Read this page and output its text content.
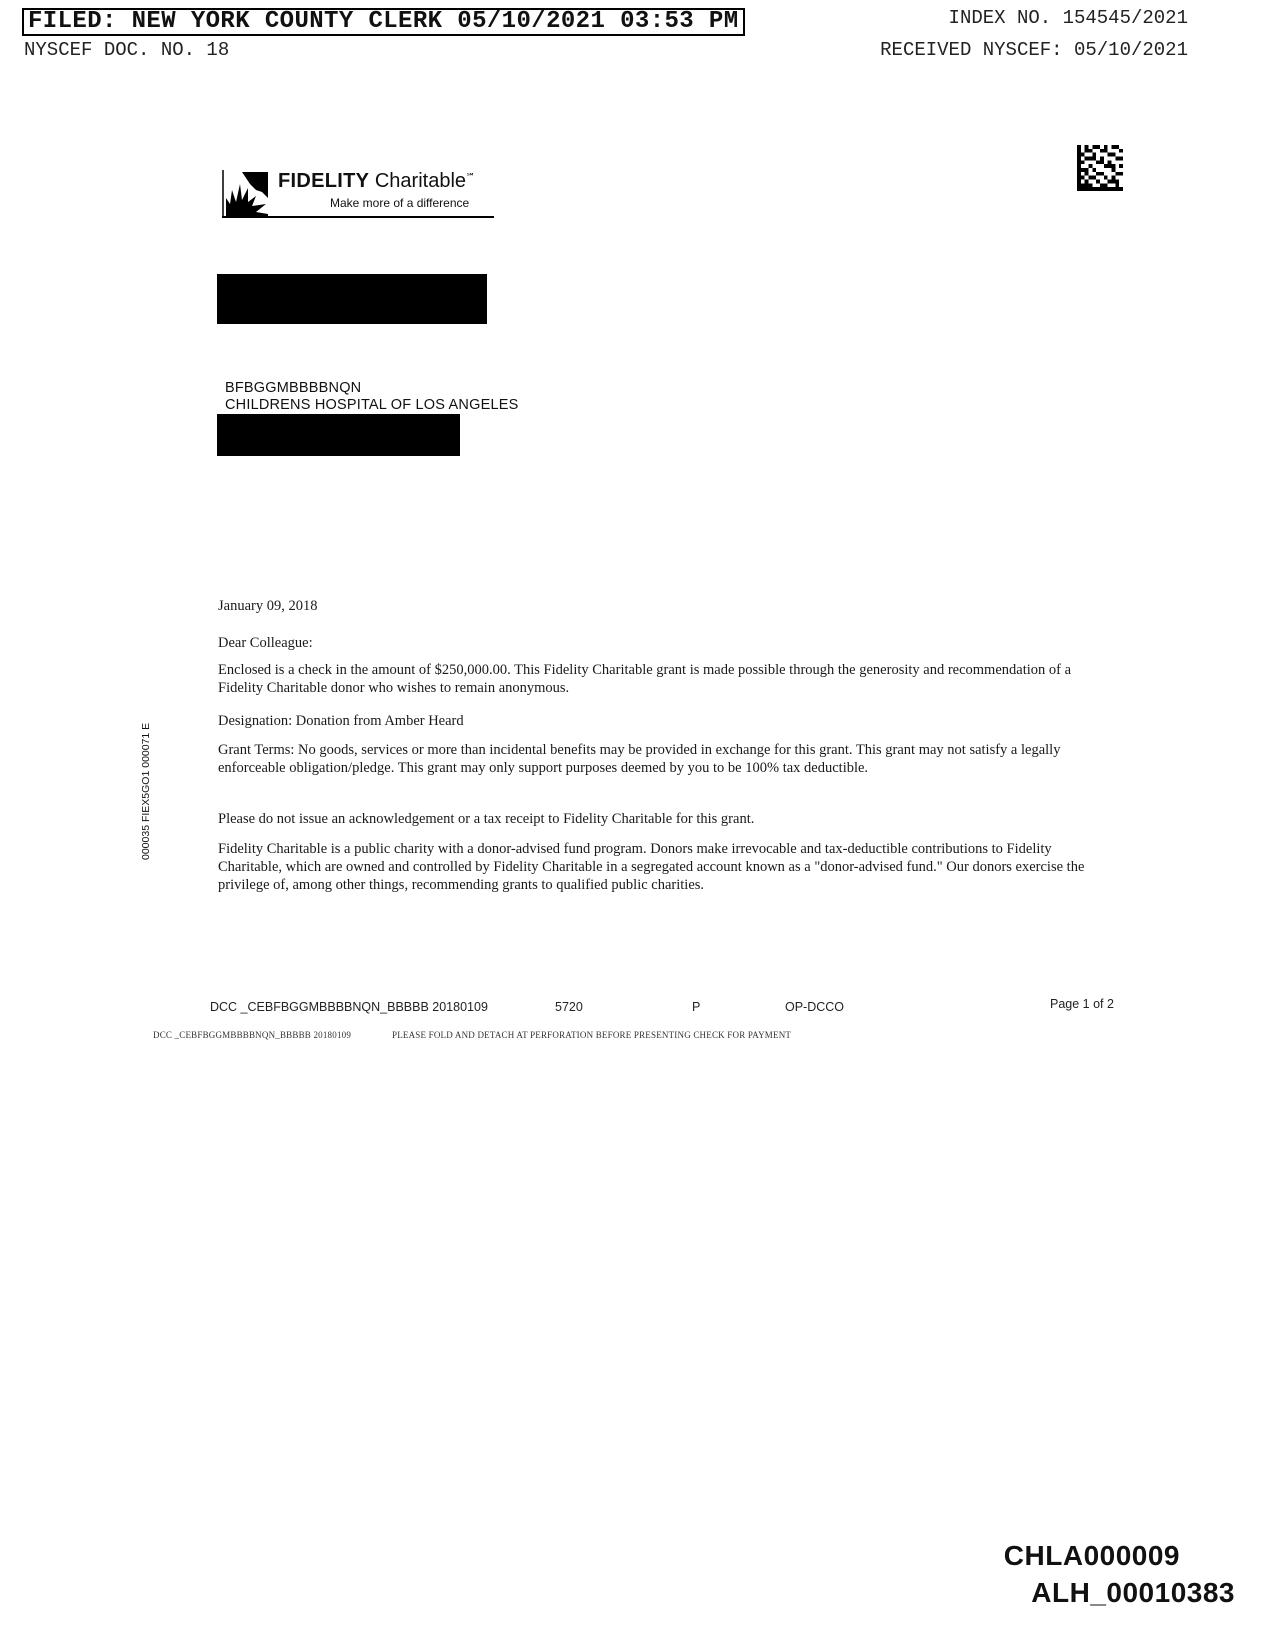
FILED: NEW YORK COUNTY CLERK 05/10/2021 03:53 PM	INDEX NO. 154545/2021
NYSCEF DOC. NO. 18	RECEIVED NYSCEF: 05/10/2021
FIDELITY Charitable℠
Make more of a difference
BFBGGMBBBBNQN
CHILDRENS HOSPITAL OF LOS ANGELES
000035 FIEX5GO1 000071 E

January 09, 2018

Dear Colleague:

Enclosed is a check in the amount of $250,000.00. This Fidelity Charitable grant is made possible through the generosity and recommendation of a Fidelity Charitable donor who wishes to remain anonymous.

Designation: Donation from Amber Heard

Grant Terms: No goods, services or more than incidental benefits may be provided in exchange for this grant. This grant may not satisfy a legally enforceable obligation/pledge. This grant may only support purposes deemed by you to be 100% tax deductible.

Please do not issue an acknowledgement or a tax receipt to Fidelity Charitable for this grant.

Fidelity Charitable is a public charity with a donor-advised fund program. Donors make irrevocable and tax-deductible contributions to Fidelity Charitable, which are owned and controlled by Fidelity Charitable in a segregated account known as a "donor-advised fund." Our donors exercise the privilege of, among other things, recommending grants to qualified public charities.

DCC _CEBFBGGMBBBBNQN_BBBBB 20180109	5720	P	OP-DCCO	Page 1 of 2
DCC _CEBFBGGMBBBBNQN_BBBBB 20180109	PLEASE FOLD AND DETACH AT PERFORATION BEFORE PRESENTING CHECK FOR PAYMENT
CHLA000009
ALH_00010383
